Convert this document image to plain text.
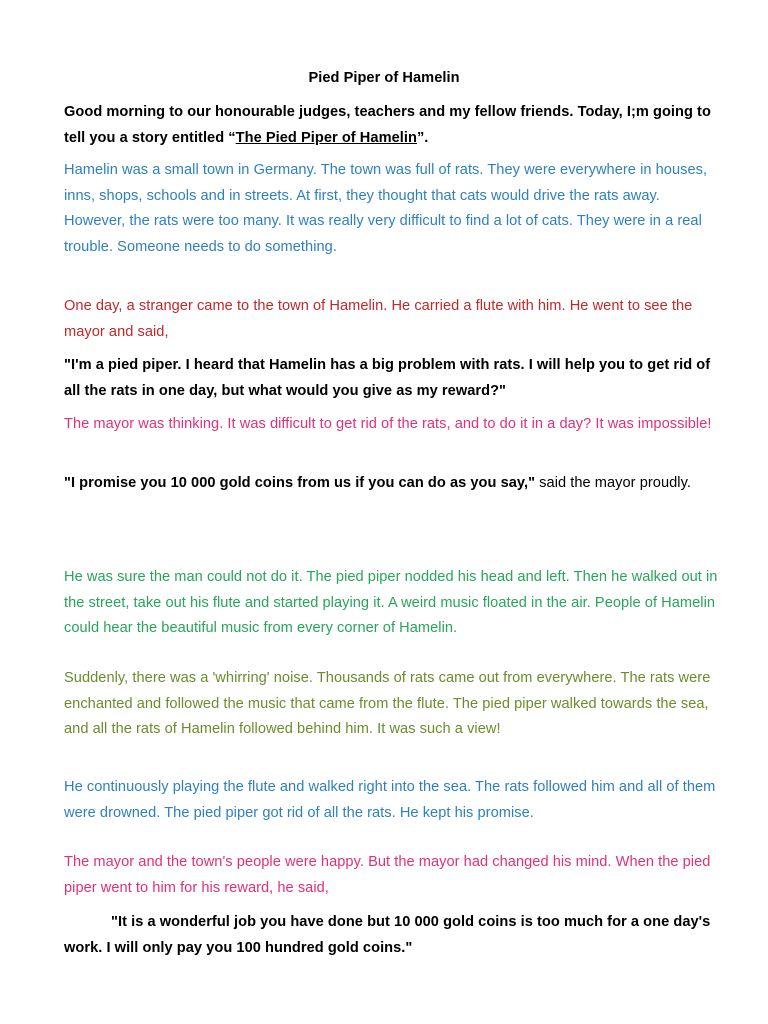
Pied Piper of Hamelin

Good morning to our honourable judges, teachers and my fellow friends. Today, I;m going to tell you a story entitled “The Pied Piper of Hamelin”.

Hamelin was a small town in Germany. The town was full of rats. They were everywhere in houses, inns, shops, schools and in streets. At first, they thought that cats would drive the rats away. However, the rats were too many. It was really very difficult to find a lot of cats. They were in a real trouble. Someone needs to do something.

One day, a stranger came to the town of Hamelin. He carried a flute with him. He went to see the mayor and said,

"I'm a pied piper. I heard that Hamelin has a big problem with rats. I will help you to get rid of all the rats in one day, but what would you give as my reward?"

The mayor was thinking. It was difficult to get rid of the rats, and to do it in a day? It was impossible!

"I promise you 10 000 gold coins from us if you can do as you say," said the mayor proudly.

He was sure the man could not do it. The pied piper nodded his head and left. Then he walked out in the street, take out his flute and started playing it. A weird music floated in the air. People of Hamelin could hear the beautiful music from every corner of Hamelin.

Suddenly, there was a 'whirring' noise. Thousands of rats came out from everywhere. The rats were enchanted and followed the music that came from the flute. The pied piper walked towards the sea, and all the rats of Hamelin followed behind him. It was such a view!

He continuously playing the flute and walked right into the sea. The rats followed him and all of them were drowned. The pied piper got rid of all the rats. He kept his promise.

The mayor and the town's people were happy. But the mayor had changed his mind. When the pied piper went to him for his reward, he said,

"It is a wonderful job you have done but 10 000 gold coins is too much for a one day's work. I will only pay you 100 hundred gold coins."
